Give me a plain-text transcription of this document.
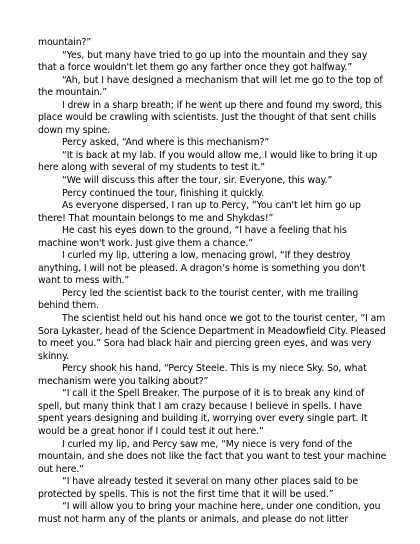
mountain?”

“Yes, but many have tried to go up into the mountain and they say that a force wouldn't let them go any farther once they got halfway.”

“Ah, but I have designed a mechanism that will let me go to the top of the mountain.”

I drew in a sharp breath; if he went up there and found my sword, this place would be crawling with scientists. Just the thought of that sent chills down my spine.

Percy asked, “And where is this mechanism?”

“It is back at my lab. If you would allow me, I would like to bring it up here along with several of my students to test it.”

“We will discuss this after the tour, sir. Everyone, this way.”

Percy continued the tour, finishing it quickly.

As everyone dispersed, I ran up to Percy, “You can't let him go up there! That mountain belongs to me and Shykdas!”

He cast his eyes down to the ground, “I have a feeling that his machine won't work. Just give them a chance.”

I curled my lip, uttering a low, menacing growl, “If they destroy anything, I will not be pleased. A dragon’s home is something you don't want to mess with.”

Percy led the scientist back to the tourist center, with me trailing behind them.

The scientist held out his hand once we got to the tourist center, “I am Sora Lykaster, head of the Science Department in Meadowfield City. Pleased to meet you.” Sora had black hair and piercing green eyes, and was very skinny.

Percy shook his hand, “Percy Steele. This is my niece Sky. So, what mechanism were you talking about?”

“I call it the Spell Breaker. The purpose of it is to break any kind of spell, but many think that I am crazy because I believe in spells. I have spent years designing and building it, worrying over every single part. It would be a great honor if I could test it out here.”

I curled my lip, and Percy saw me, “My niece is very fond of the mountain, and she does not like the fact that you want to test your machine out here.”

“I have already tested it several on many other places said to be protected by spells. This is not the first time that it will be used.”

“I will allow you to bring your machine here, under one condition, you must not harm any of the plants or animals, and please do not litter
